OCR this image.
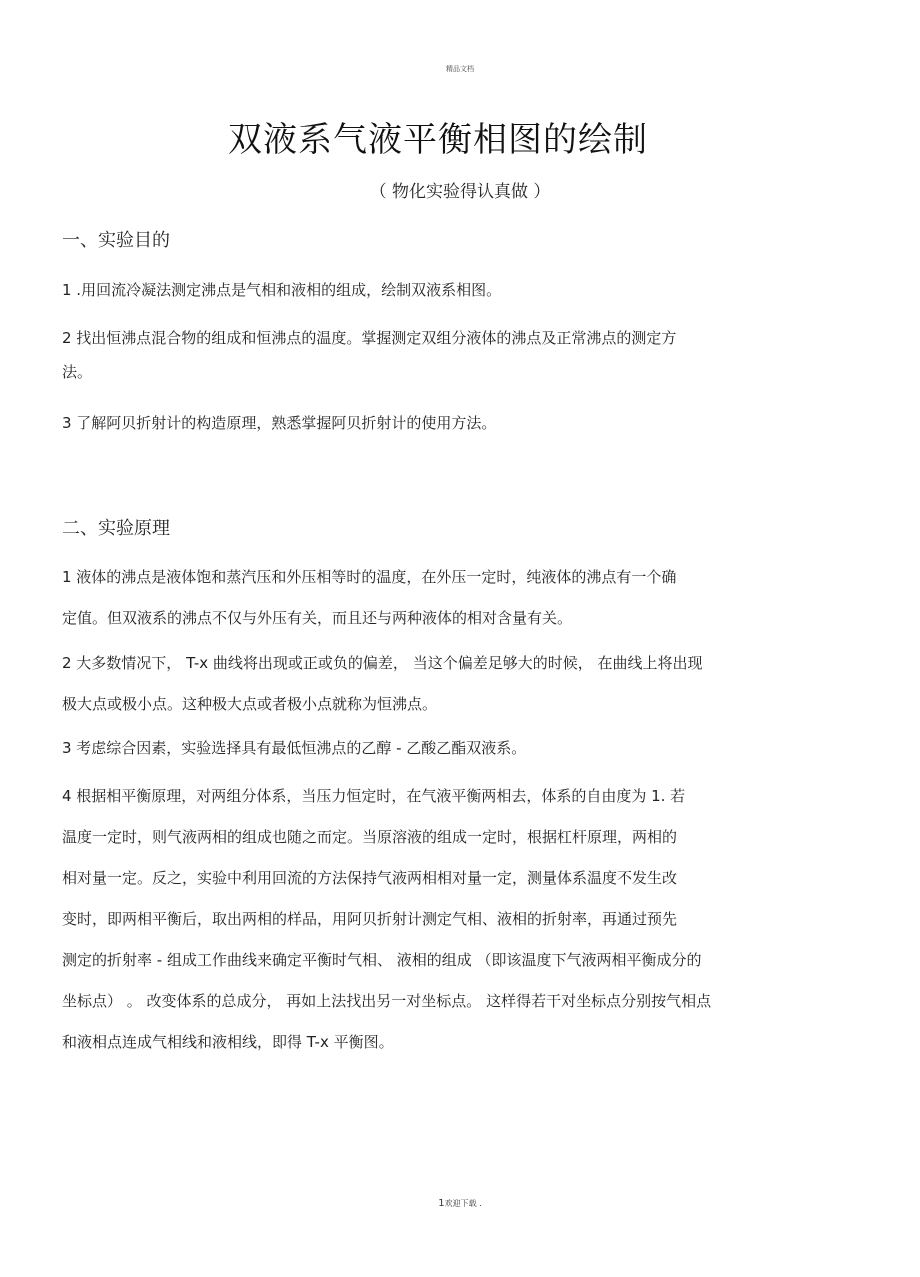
精品文档
双液系气液平衡相图的绘制
（ 物化实验得认真做 ）
一、实验目的
1 .用回流冷凝法测定沸点是气相和液相的组成，绘制双液系相图。
2 找出恒沸点混合物的组成和恒沸点的温度。掌握测定双组分液体的沸点及正常沸点的测定方
法。
3 了解阿贝折射计的构造原理，熟悉掌握阿贝折射计的使用方法。
二、实验原理
1 液体的沸点是液体饱和蒸汽压和外压相等时的温度，在外压一定时，纯液体的沸点有一个确
定值。但双液系的沸点不仅与外压有关，而且还与两种液体的相对含量有关。
2 大多数情况下， T-x 曲线将出现或正或负的偏差， 当这个偏差足够大的时候， 在曲线上将出现
极大点或极小点。这种极大点或者极小点就称为恒沸点。
3 考虑综合因素，实验选择具有最低恒沸点的乙醇 - 乙酸乙酯双液系。
4 根据相平衡原理，对两组分体系，当压力恒定时，在气液平衡两相去，体系的自由度为 1. 若
温度一定时，则气液两相的组成也随之而定。当原溶液的组成一定时，根据杠杆原理，两相的
相对量一定。反之，实验中利用回流的方法保持气液两相相对量一定，测量体系温度不发生改
变时，即两相平衡后，取出两相的样品，用阿贝折射计测定气相、液相的折射率，再通过预先
测定的折射率 - 组成工作曲线来确定平衡时气相、 液相的组成 （即该温度下气液两相平衡成分的
坐标点） 。 改变体系的总成分， 再如上法找出另一对坐标点。 这样得若干对坐标点分别按气相点
和液相点连成气相线和液相线，即得 T-x 平衡图。
1欢迎下载 .
